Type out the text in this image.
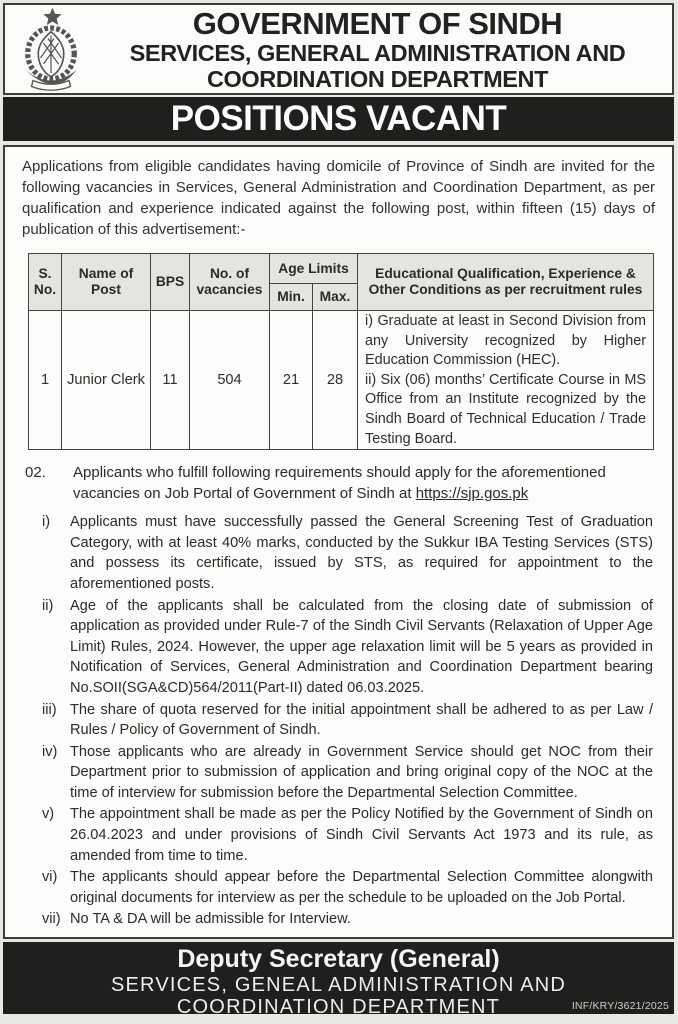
GOVERNMENT OF SINDH
SERVICES, GENERAL ADMINISTRATION AND
COORDINATION DEPARTMENT
POSITIONS VACANT
Applications from eligible candidates having domicile of Province of Sindh are invited for the following vacancies in Services, General Administration and Coordination Department, as per qualification and experience indicated against the following post, within fifteen (15) days of publication of this advertisement:-
S. No.	Name of Post	BPS	No. of vacancies	Age Limits		Educational Qualification, Experience & Other Conditions as per recruitment rules
				Min.	Max.	
1	Junior Clerk	11	504	21	28	i) Graduate at least in Second Division from any University recognized by Higher Education Commission (HEC).
ii) Six (06) months’ Certificate Course in MS Office from an Institute recognized by the Sindh Board of Technical Education / Trade Testing Board.
02.	Applicants who fulfill following requirements should apply for the aforementioned vacancies on Job Portal of Government of Sindh at https://sjp.gos.pk
i)	Applicants must have successfully passed the General Screening Test of Graduation Category, with at least 40% marks, conducted by the Sukkur IBA Testing Services (STS) and possess its certificate, issued by STS, as required for appointment to the aforementioned posts.
ii)	Age of the applicants shall be calculated from the closing date of submission of application as provided under Rule-7 of the Sindh Civil Servants (Relaxation of Upper Age Limit) Rules, 2024. However, the upper age relaxation limit will be 5 years as provided in Notification of Services, General Administration and Coordination Department bearing No.SOII(SGA&CD)564/2011(Part-II) dated 06.03.2025.
iii) The share of quota reserved for the initial appointment shall be adhered to as per Law / Rules / Policy of Government of Sindh.
iv) Those applicants who are already in Government Service should get NOC from their Department prior to submission of application and bring original copy of the NOC at the time of interview for submission before the Departmental Selection Committee.
v)	The appointment shall be made as per the Policy Notified by the Government of Sindh on 26.04.2023 and under provisions of Sindh Civil Servants Act 1973 and its rule, as amended from time to time.
vi) The applicants should appear before the Departmental Selection Committee alongwith original documents for interview as per the schedule to be uploaded on the Job Portal.
vii) No TA & DA will be admissible for Interview.
Deputy Secretary (General)
SERVICES, GENEAL ADMINISTRATION AND
COORDINATION DEPARTMENT	INF/KRY/3621/2025
